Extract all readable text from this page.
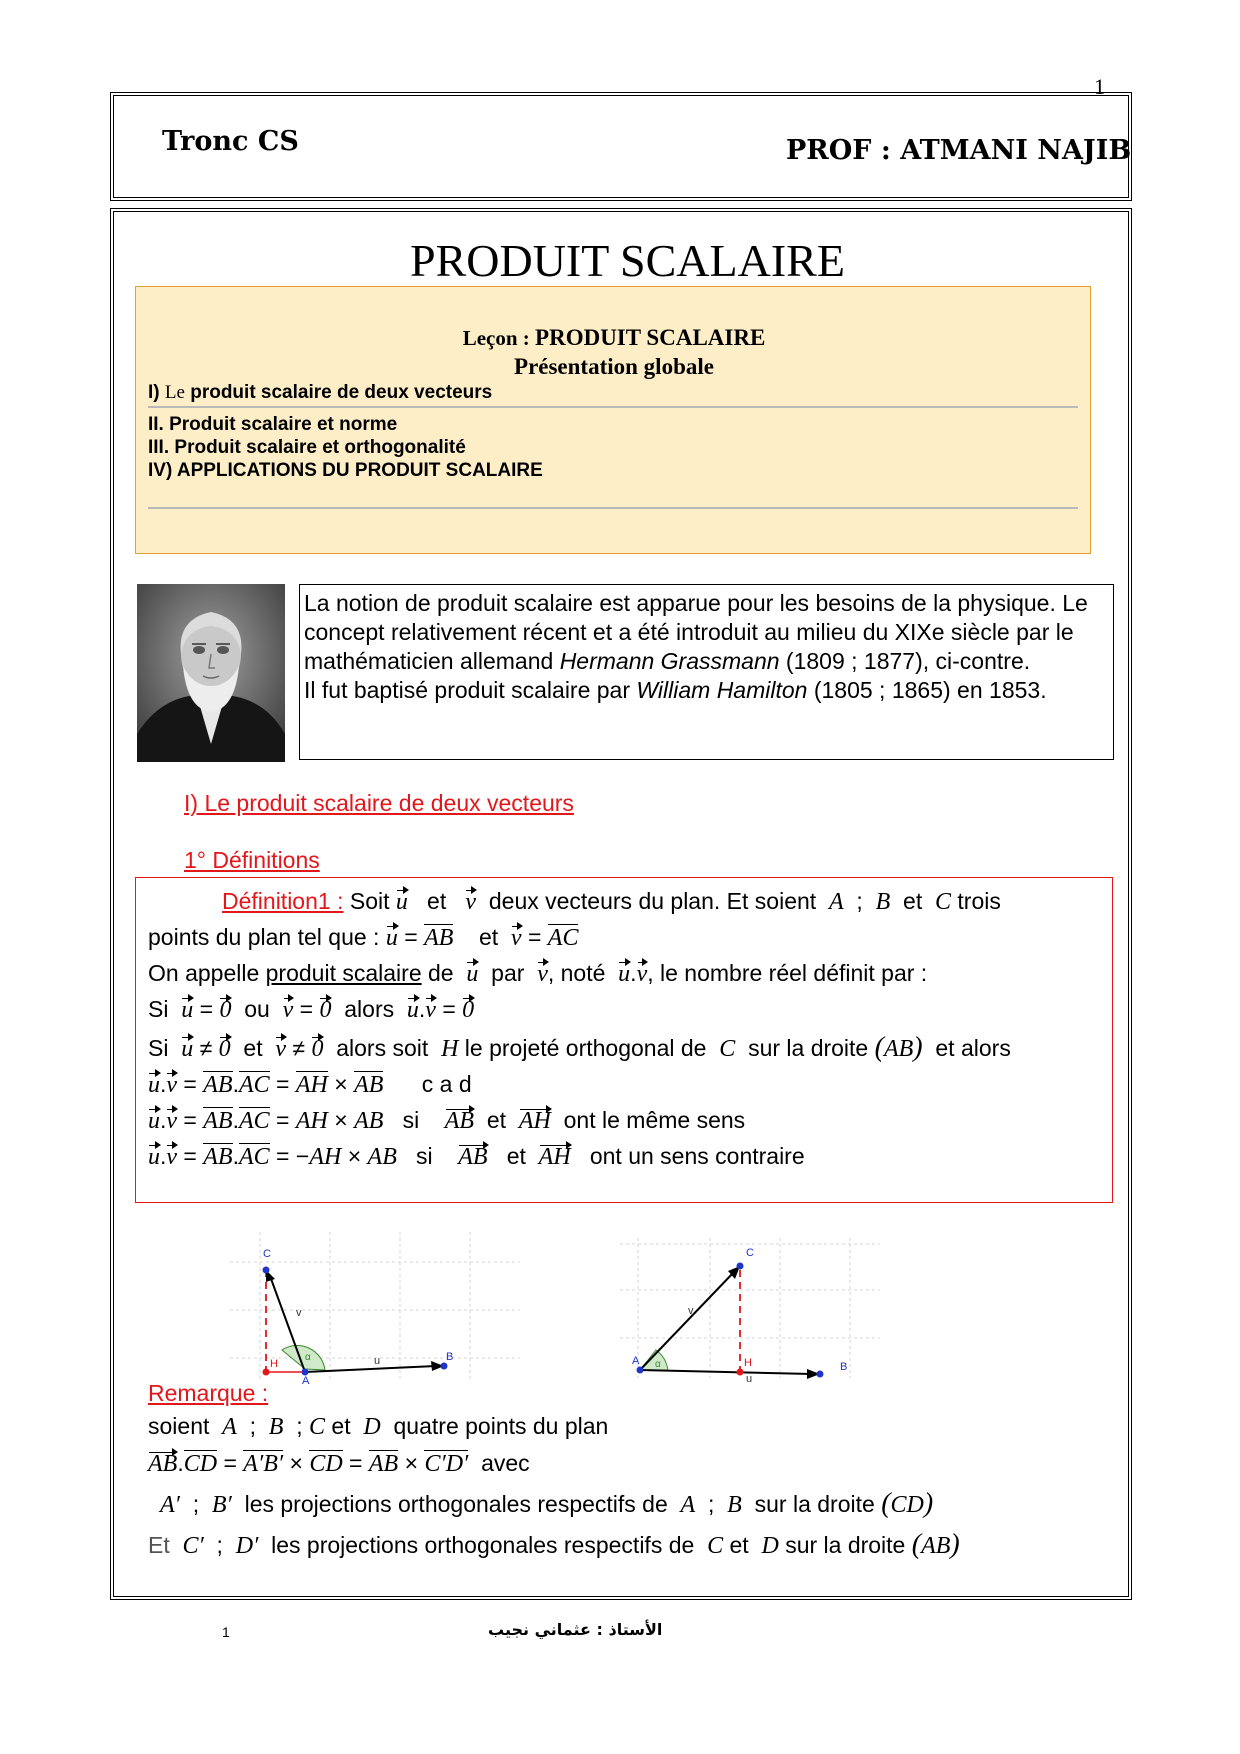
1
Tronc CS	PROF : ATMANI NAJIB
PRODUIT SCALAIRE
Leçon : PRODUIT SCALAIRE
Présentation globale
I) Le produit scalaire de deux vecteurs
II. Produit scalaire et norme
III. Produit scalaire et orthogonalité
IV) APPLICATIONS DU PRODUIT SCALAIRE
La notion de produit scalaire est apparue pour les besoins de la physique. Le concept relativement récent et a été introduit au milieu du XIXe siècle par le mathématicien allemand Hermann Grassmann (1809 ; 1877), ci-contre.
Il fut baptisé produit scalaire par William Hamilton (1805 ; 1865) en 1853.
I) Le produit scalaire de deux vecteurs
1° Définitions
Définition1 : Soit u   et   v  deux vecteurs du plan. Et soient  A  ;  B  et  C trois
points du plan tel que : u = AB et v = AC
On appelle produit scalaire de  u  par  v, noté  u.v, le nombre réel définit par :
Si u = 0 ou v = 0 alors u.v = 0
Si u ≠ 0 et v ≠ 0 alors soit H le projeté orthogonal de C sur la droite (AB) et alors
u.v = AB.AC = AH × AB c a d
u.v = AB.AC = AH × AB   si    AB et AH ont le même sens
u.v = AB.AC = −AH × AB   si    AB et AH ont un sens contraire
C
A
B
H	u
v
α
C
A	B
H
u
v
α
Remarque :
soient A  ;  B  ; C et  D quatre points du plan
AB.CD = A′B′ × CD = AB × C′D′ avec
A′  ;  B′ les projections orthogonales respectifs de A  ;  B sur la droite (CD)
Et C′  ;  D′ les projections orthogonales respectifs de C et D sur la droite (AB)
1	الأستاذ : عثماني نجيب
